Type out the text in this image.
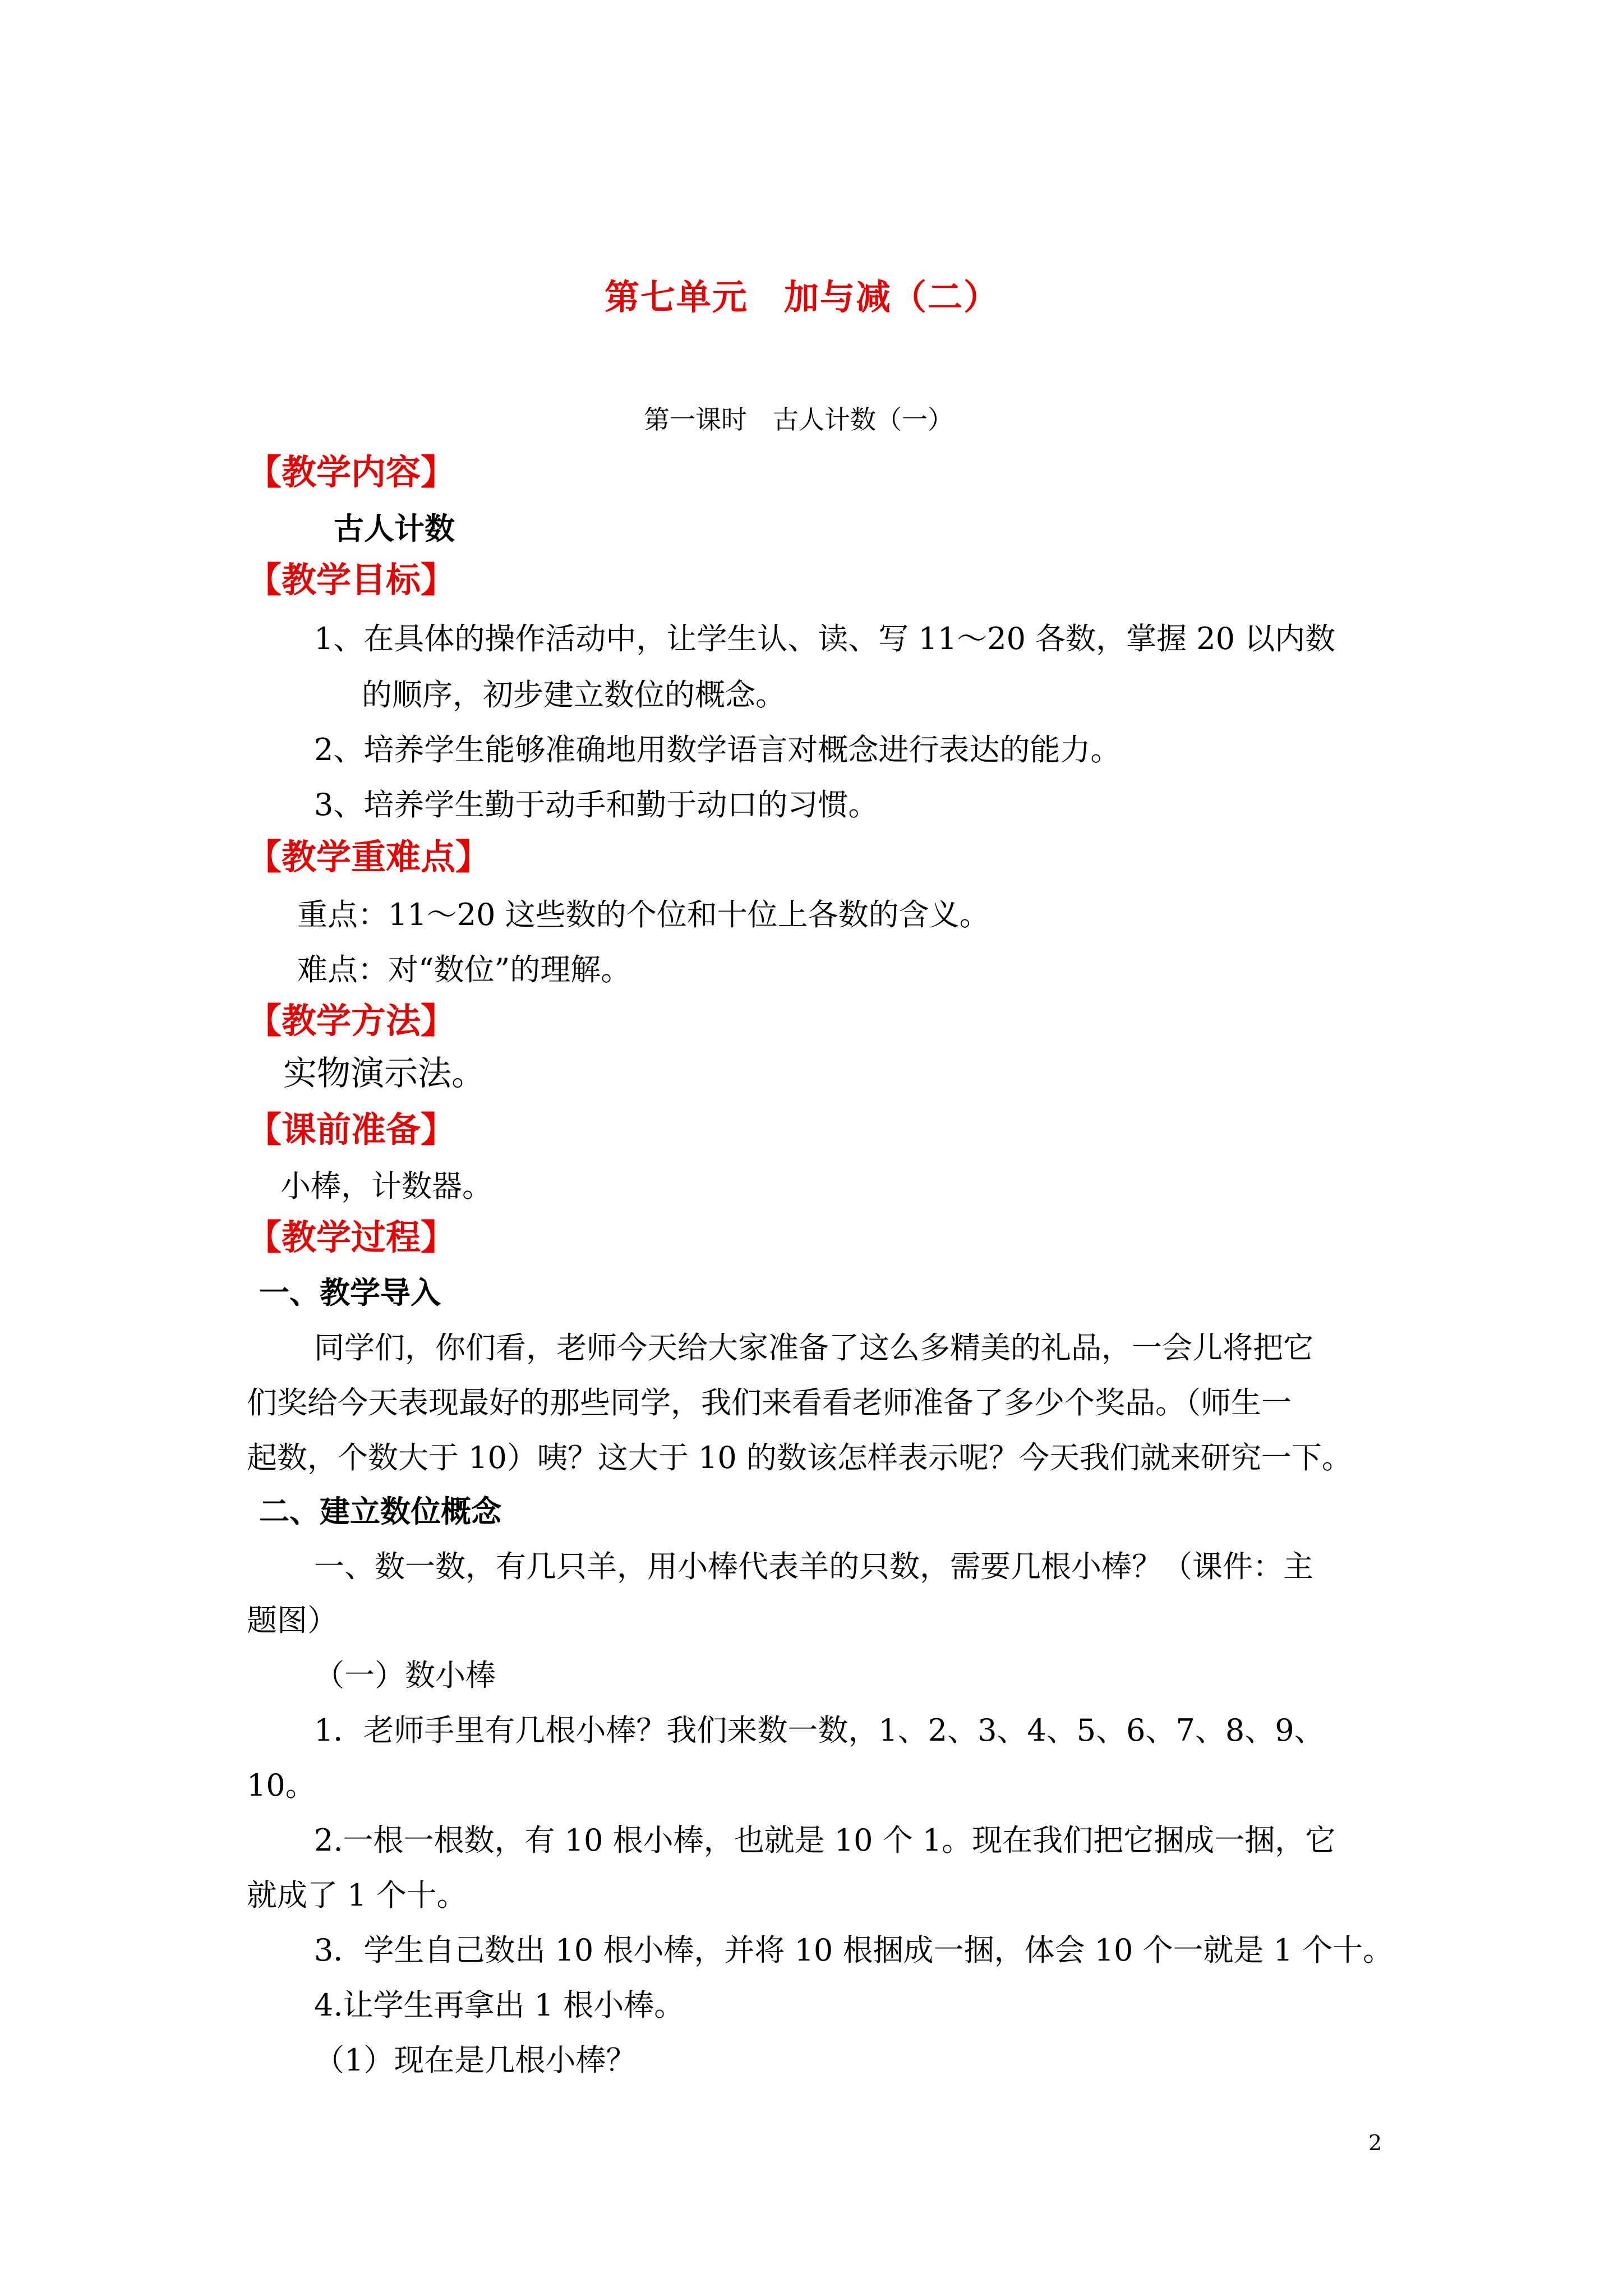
第七单元　加与减（二）
第一课时　古人计数（一）
【教学内容】
古人计数
【教学目标】
1、在具体的操作活动中，让学生认、读、写 11～20 各数，掌握 20 以内数
的顺序，初步建立数位的概念。
2、培养学生能够准确地用数学语言对概念进行表达的能力。
3、培养学生勤于动手和勤于动口的习惯。
【教学重难点】
重点：11～20 这些数的个位和十位上各数的含义。
难点：对“数位”的理解。
【教学方法】
实物演示法。
【课前准备】
小棒，计数器。
【教学过程】
一、教学导入
同学们，你们看，老师今天给大家准备了这么多精美的礼品，一会儿将把它
们奖给今天表现最好的那些同学，我们来看看老师准备了多少个奖品。（师生一
起数，个数大于 10）咦？这大于 10 的数该怎样表示呢？今天我们就来研究一下。
二、建立数位概念
一、数一数，有几只羊，用小棒代表羊的只数，需要几根小棒？（课件：主
题图）
（一）数小棒
1．老师手里有几根小棒？我们来数一数，1、2、3、4、5、6、7、8、9、
10。
2.一根一根数，有 10 根小棒，也就是 10 个 1。现在我们把它捆成一捆，它
就成了 1 个十。
3．学生自己数出 10 根小棒，并将 10 根捆成一捆，体会 10 个一就是 1 个十。
4.让学生再拿出 1 根小棒。
（1）现在是几根小棒？
2
